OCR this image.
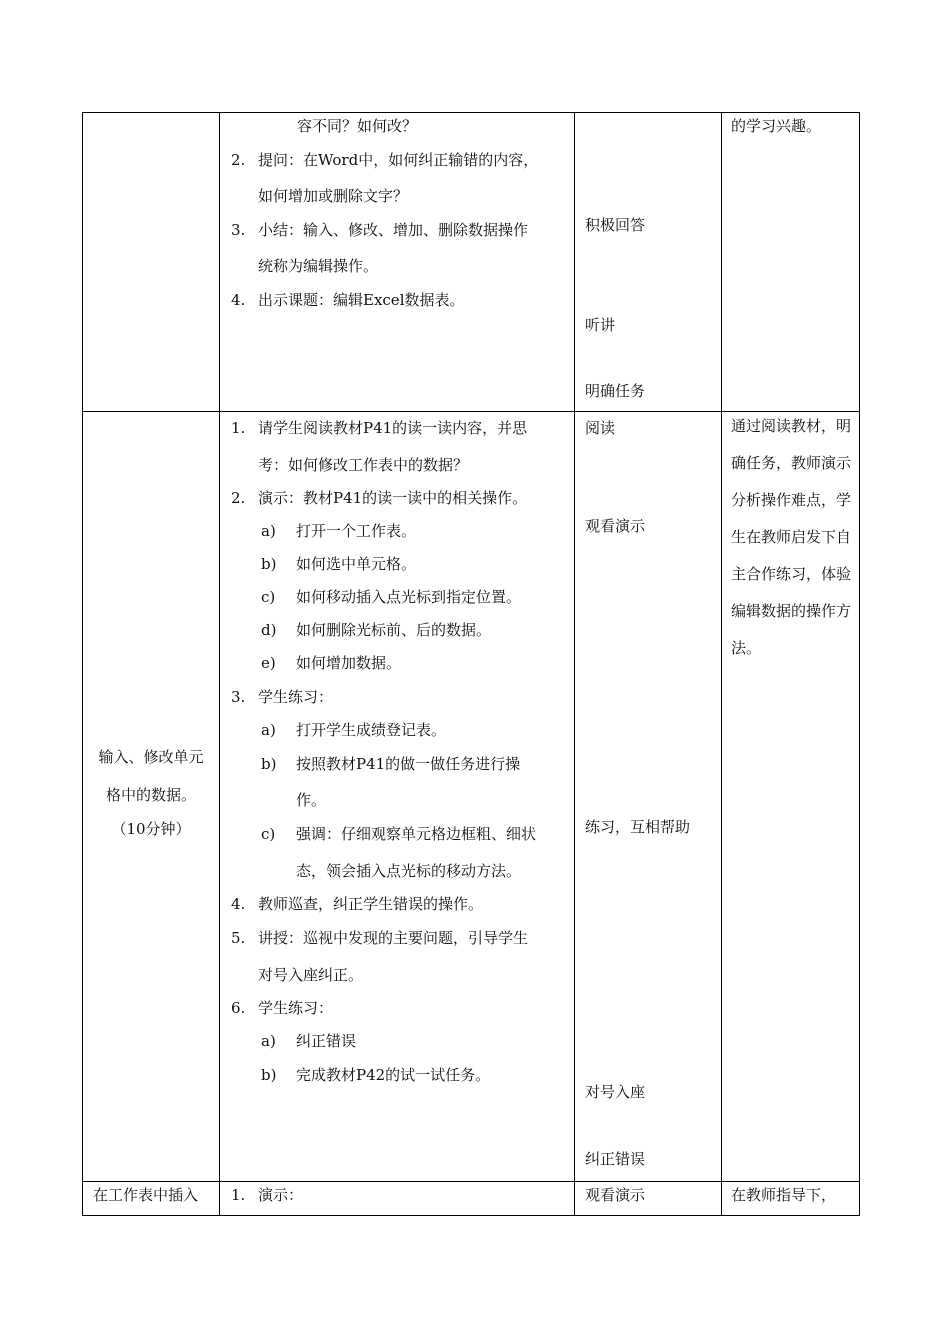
容不同？如何改？
2. 提问：在Word中，如何纠正输错的内容，
如何增加或删除文字？
3. 小结：输入、修改、增加、删除数据操作
统称为编辑操作。
4. 出示课题：编辑Excel数据表。
积极回答
听讲
明确任务
的学习兴趣。
输入、修改单元
格中的数据。
（10分钟）
1. 请学生阅读教材P41的读一读内容，并思
考：如何修改工作表中的数据？
2. 演示：教材P41的读一读中的相关操作。
a) 打开一个工作表。
b) 如何选中单元格。
c) 如何移动插入点光标到指定位置。
d) 如何删除光标前、后的数据。
e) 如何增加数据。
3. 学生练习：
a) 打开学生成绩登记表。
b) 按照教材P41的做一做任务进行操
作。
c) 强调：仔细观察单元格边框粗、细状
态，领会插入点光标的移动方法。
4. 教师巡查，纠正学生错误的操作。
5. 讲授：巡视中发现的主要问题，引导学生
对号入座纠正。
6. 学生练习：
a) 纠正错误
b) 完成教材P42的试一试任务。
阅读
观看演示
练习，互相帮助
对号入座
纠正错误
通过阅读教材，明确任务，教师演示分析操作难点，学生在教师启发下自主合作练习，体验编辑数据的操作方法。
在工作表中插入 1. 演示：	观看演示	在教师指导下，
